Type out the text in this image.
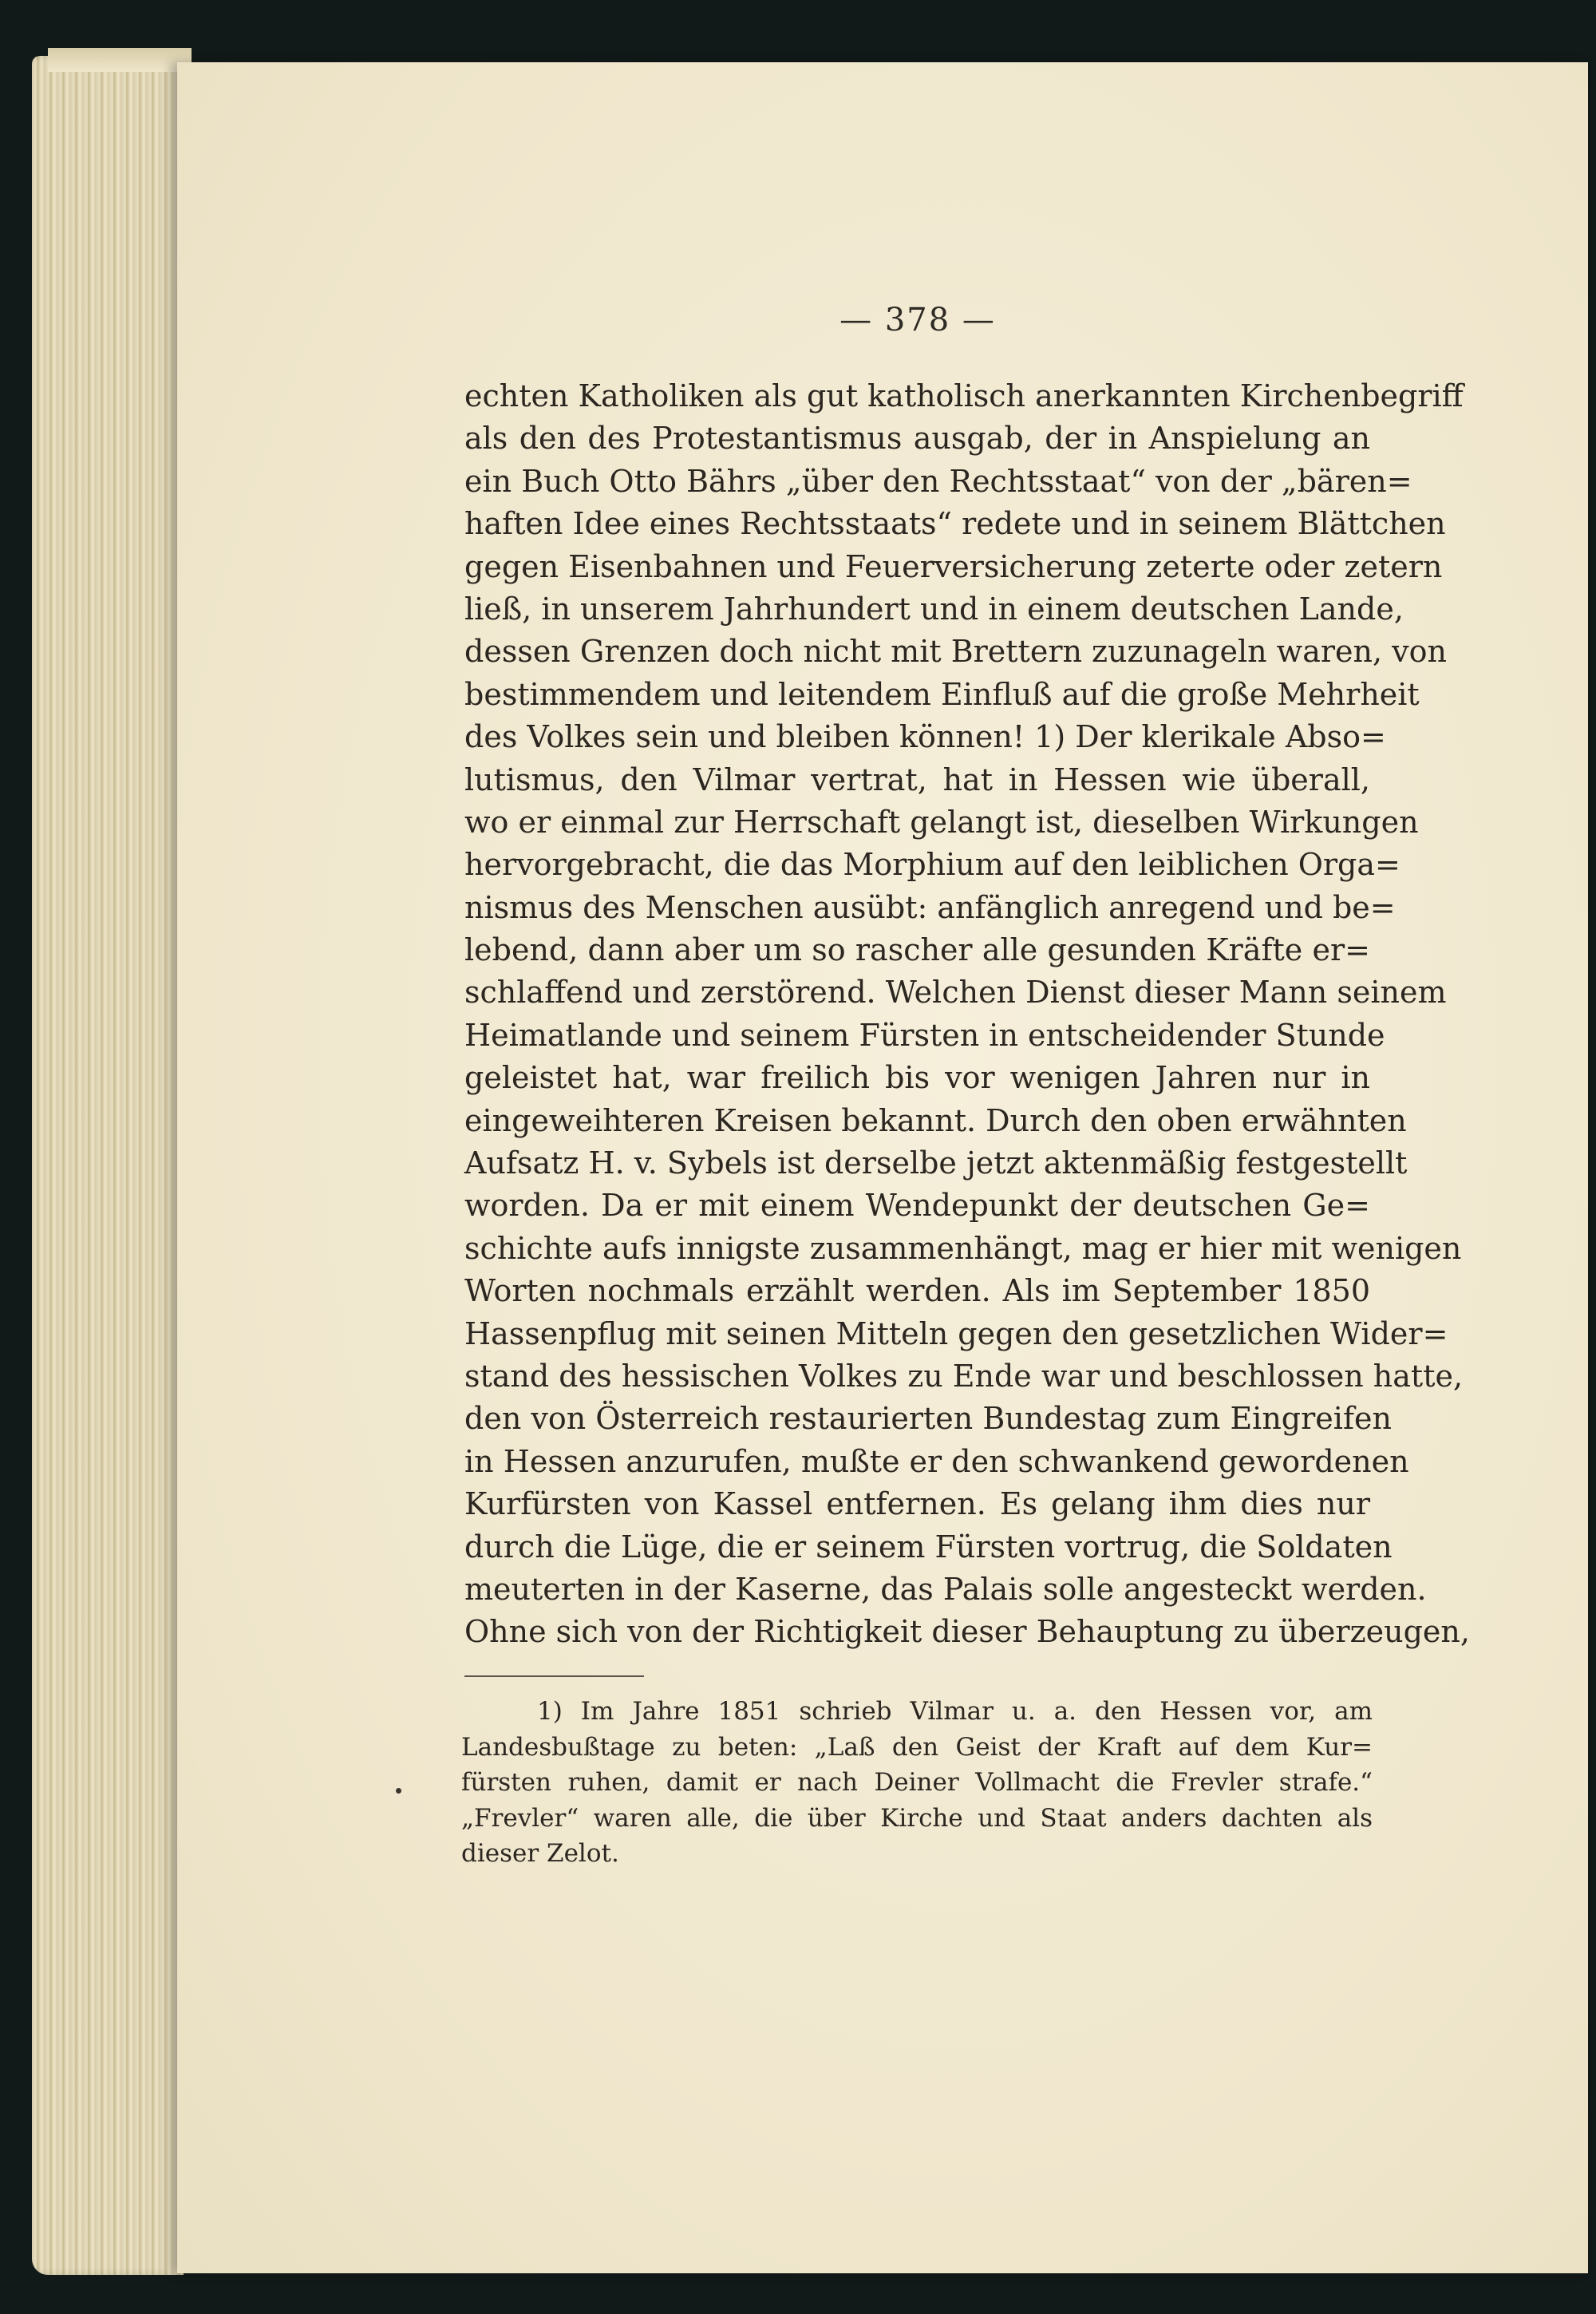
— 378 —
echten Katholiken als gut katholisch anerkannten Kirchenbegriff
als den des Protestantismus ausgab, der in Anspielung an
ein Buch Otto Bährs „über den Rechtsstaat“ von der „bären=
haften Idee eines Rechtsstaats“ redete und in seinem Blättchen
gegen Eisenbahnen und Feuerversicherung zeterte oder zetern
ließ, in unserem Jahrhundert und in einem deutschen Lande,
dessen Grenzen doch nicht mit Brettern zuzunageln waren, von
bestimmendem und leitendem Einfluß auf die große Mehrheit
des Volkes sein und bleiben können! 1) Der klerikale Abso=
lutismus, den Vilmar vertrat, hat in Hessen wie überall,
wo er einmal zur Herrschaft gelangt ist, dieselben Wirkungen
hervorgebracht, die das Morphium auf den leiblichen Orga=
nismus des Menschen ausübt: anfänglich anregend und be=
lebend, dann aber um so rascher alle gesunden Kräfte er=
schlaffend und zerstörend. Welchen Dienst dieser Mann seinem
Heimatlande und seinem Fürsten in entscheidender Stunde
geleistet hat, war freilich bis vor wenigen Jahren nur in
eingeweihteren Kreisen bekannt. Durch den oben erwähnten
Aufsatz H. v. Sybels ist derselbe jetzt aktenmäßig festgestellt
worden. Da er mit einem Wendepunkt der deutschen Ge=
schichte aufs innigste zusammenhängt, mag er hier mit wenigen
Worten nochmals erzählt werden. Als im September 1850
Hassenpflug mit seinen Mitteln gegen den gesetzlichen Wider=
stand des hessischen Volkes zu Ende war und beschlossen hatte,
den von Österreich restaurierten Bundestag zum Eingreifen
in Hessen anzurufen, mußte er den schwankend gewordenen
Kurfürsten von Kassel entfernen. Es gelang ihm dies nur
durch die Lüge, die er seinem Fürsten vortrug, die Soldaten
meuterten in der Kaserne, das Palais solle angesteckt werden.
Ohne sich von der Richtigkeit dieser Behauptung zu überzeugen,
1) Im Jahre 1851 schrieb Vilmar u. a. den Hessen vor, am
Landesbußtage zu beten: „Laß den Geist der Kraft auf dem Kur=
fürsten ruhen, damit er nach Deiner Vollmacht die Frevler strafe.“
„Frevler“ waren alle, die über Kirche und Staat anders dachten als
dieser Zelot.
